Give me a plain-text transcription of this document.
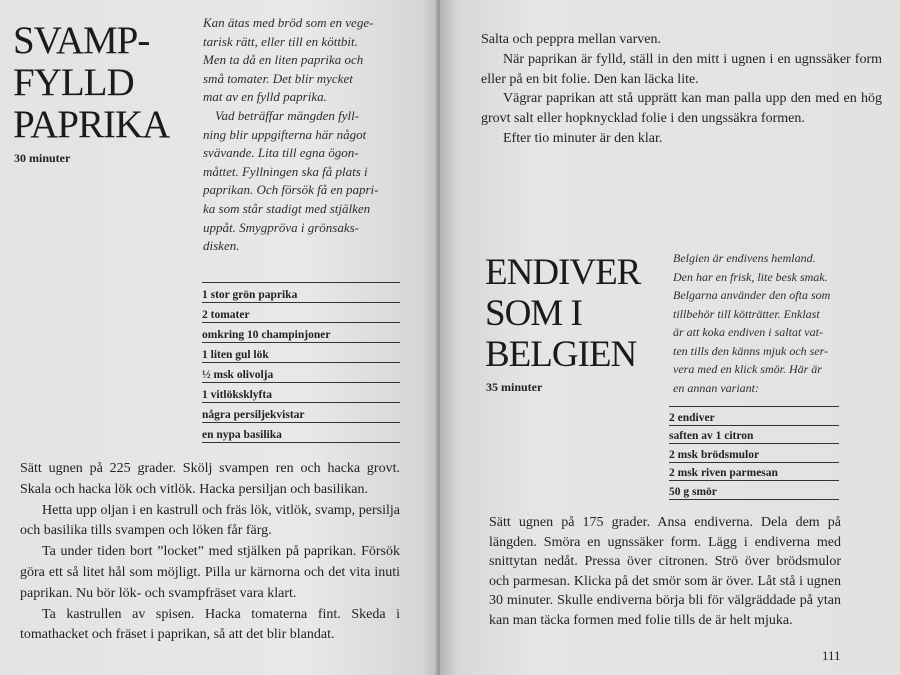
SVAMP-
FYLLD
PAPRIKA
30 minuter
Kan ätas med bröd som en vege-
tarisk rätt, eller till en köttbit.
Men ta då en liten paprika och
små tomater. Det blir mycket
mat av en fylld paprika.
Vad beträffar mängden fyll-
ning blir uppgifterna här något
svävande. Lita till egna ögon-
måttet. Fyllningen ska få plats i
paprikan. Och försök få en papri-
ka som står stadigt med stjälken
uppåt. Smygpröva i grönsaks-
disken.
1 stor grön paprika
2 tomater
omkring 10 champinjoner
1 liten gul lök
½ msk olivolja
1 vitlöksklyfta
några persiljekvistar
en nypa basilika

Sätt ugnen på 225 grader. Skölj svampen ren och hacka grovt. Skala och hacka lök och vitlök. Hacka persiljan och basilikan.

Hetta upp oljan i en kastrull och fräs lök, vitlök, svamp, persilja och basilika tills svampen och löken får färg.

Ta under tiden bort ”locket” med stjälken på paprikan. Försök göra ett så litet hål som möjligt. Pilla ur kärnorna och det vita inuti paprikan. Nu bör lök- och svampfräset vara klart.

Ta kastrullen av spisen. Hacka tomaterna fint. Skeda i tomathacket och fräset i paprikan, så att det blir blandat.

Salta och peppra mellan varven.

När paprikan är fylld, ställ in den mitt i ugnen i en ugnssäker form eller på en bit folie. Den kan läcka lite.

Vägrar paprikan att stå upprätt kan man palla upp den med en hög grovt salt eller hopknycklad folie i den ungssäkra formen.

Efter tio minuter är den klar.

ENDIVER
SOM I
BELGIEN
35 minuter
Belgien är endivens hemland.
Den har en frisk, lite besk smak.
Belgarna använder den ofta som
tillbehör till kötträtter. Enklast
är att koka endiven i saltat vat-
ten tills den känns mjuk och ser-
vera med en klick smör. Här är
en annan variant:
2 endiver
saften av 1 citron
2 msk brödsmulor
2 msk riven parmesan
50 g smör

Sätt ugnen på 175 grader. Ansa endiverna. Dela dem på längden. Smöra en ugnssäker form. Lägg i endiverna med snittytan nedåt. Pressa över citronen. Strö över brödsmulor och parmesan. Klicka på det smör som är över. Låt stå i ugnen 30 minuter. Skulle endiverna börja bli för välgräddade på ytan kan man täcka formen med folie tills de är helt mjuka.

111
